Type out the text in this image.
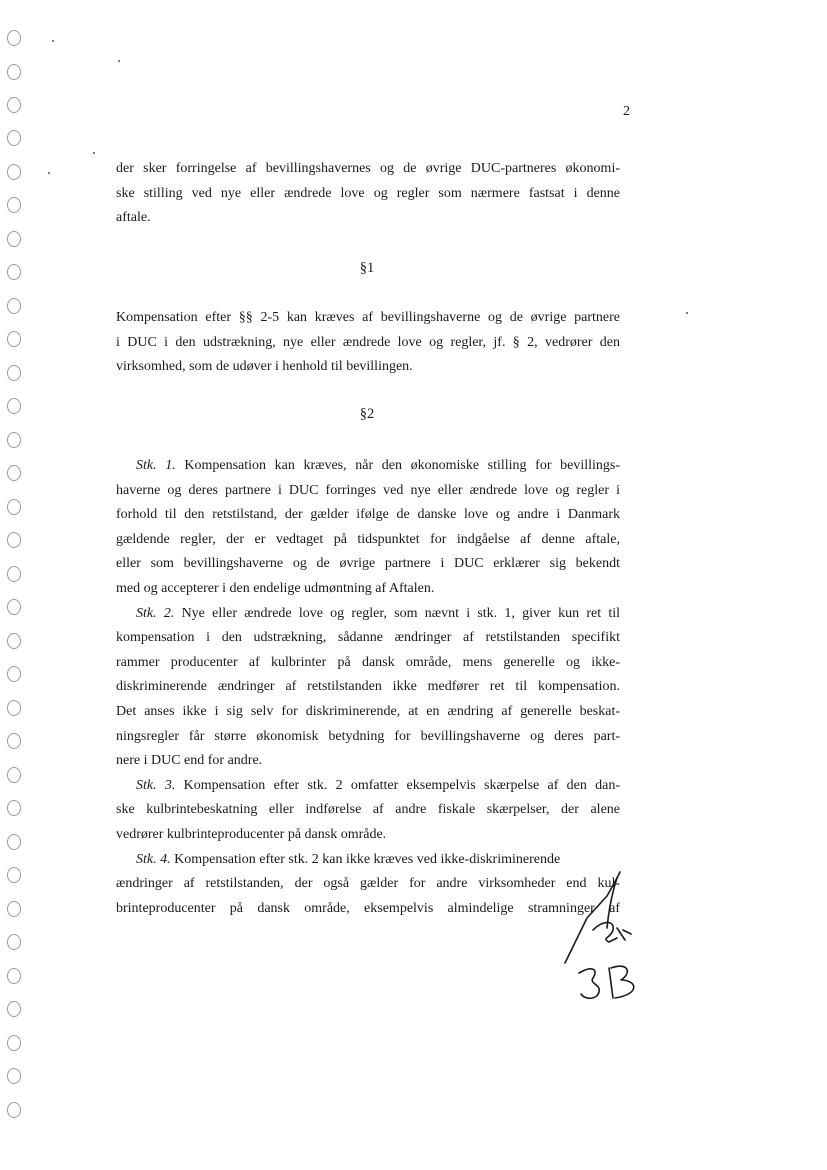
2
der sker forringelse af bevillingshavernes og de øvrige DUC-partneres økonomi-
ske stilling ved nye eller ændrede love og regler som nærmere fastsat i denne
aftale.
§1
Kompensation efter §§ 2-5 kan kræves af bevillingshaverne og de øvrige partnere
i DUC i den udstrækning, nye eller ændrede love og regler, jf. § 2, vedrører den
virksomhed, som de udøver i henhold til bevillingen.
§2
Stk. 1. Kompensation kan kræves, når den økonomiske stilling for bevillings-
haverne og deres partnere i DUC forringes ved nye eller ændrede love og regler i
forhold til den retstilstand, der gælder ifølge de danske love og andre i Danmark
gældende regler, der er vedtaget på tidspunktet for indgåelse af denne aftale,
eller som bevillingshaverne og de øvrige partnere i DUC erklærer sig bekendt
med og accepterer i den endelige udmøntning af Aftalen.
Stk. 2. Nye eller ændrede love og regler, som nævnt i stk. 1, giver kun ret til
kompensation i den udstrækning, sådanne ændringer af retstilstanden specifikt
rammer producenter af kulbrinter på dansk område, mens generelle og ikke-
diskriminerende ændringer af retstilstanden ikke medfører ret til kompensation.
Det anses ikke i sig selv for diskriminerende, at en ændring af generelle beskat-
ningsregler får større økonomisk betydning for bevillingshaverne og deres part-
nere i DUC end for andre.
Stk. 3. Kompensation efter stk. 2 omfatter eksempelvis skærpelse af den dan-
ske kulbrintebeskatning eller indførelse af andre fiskale skærpelser, der alene
vedrører kulbrinteproducenter på dansk område.
Stk. 4. Kompensation efter stk. 2 kan ikke kræves ved ikke-diskriminerende
ændringer af retstilstanden, der også gælder for andre virksomheder end kul-
brinteproducenter på dansk område, eksempelvis almindelige stramninger af
